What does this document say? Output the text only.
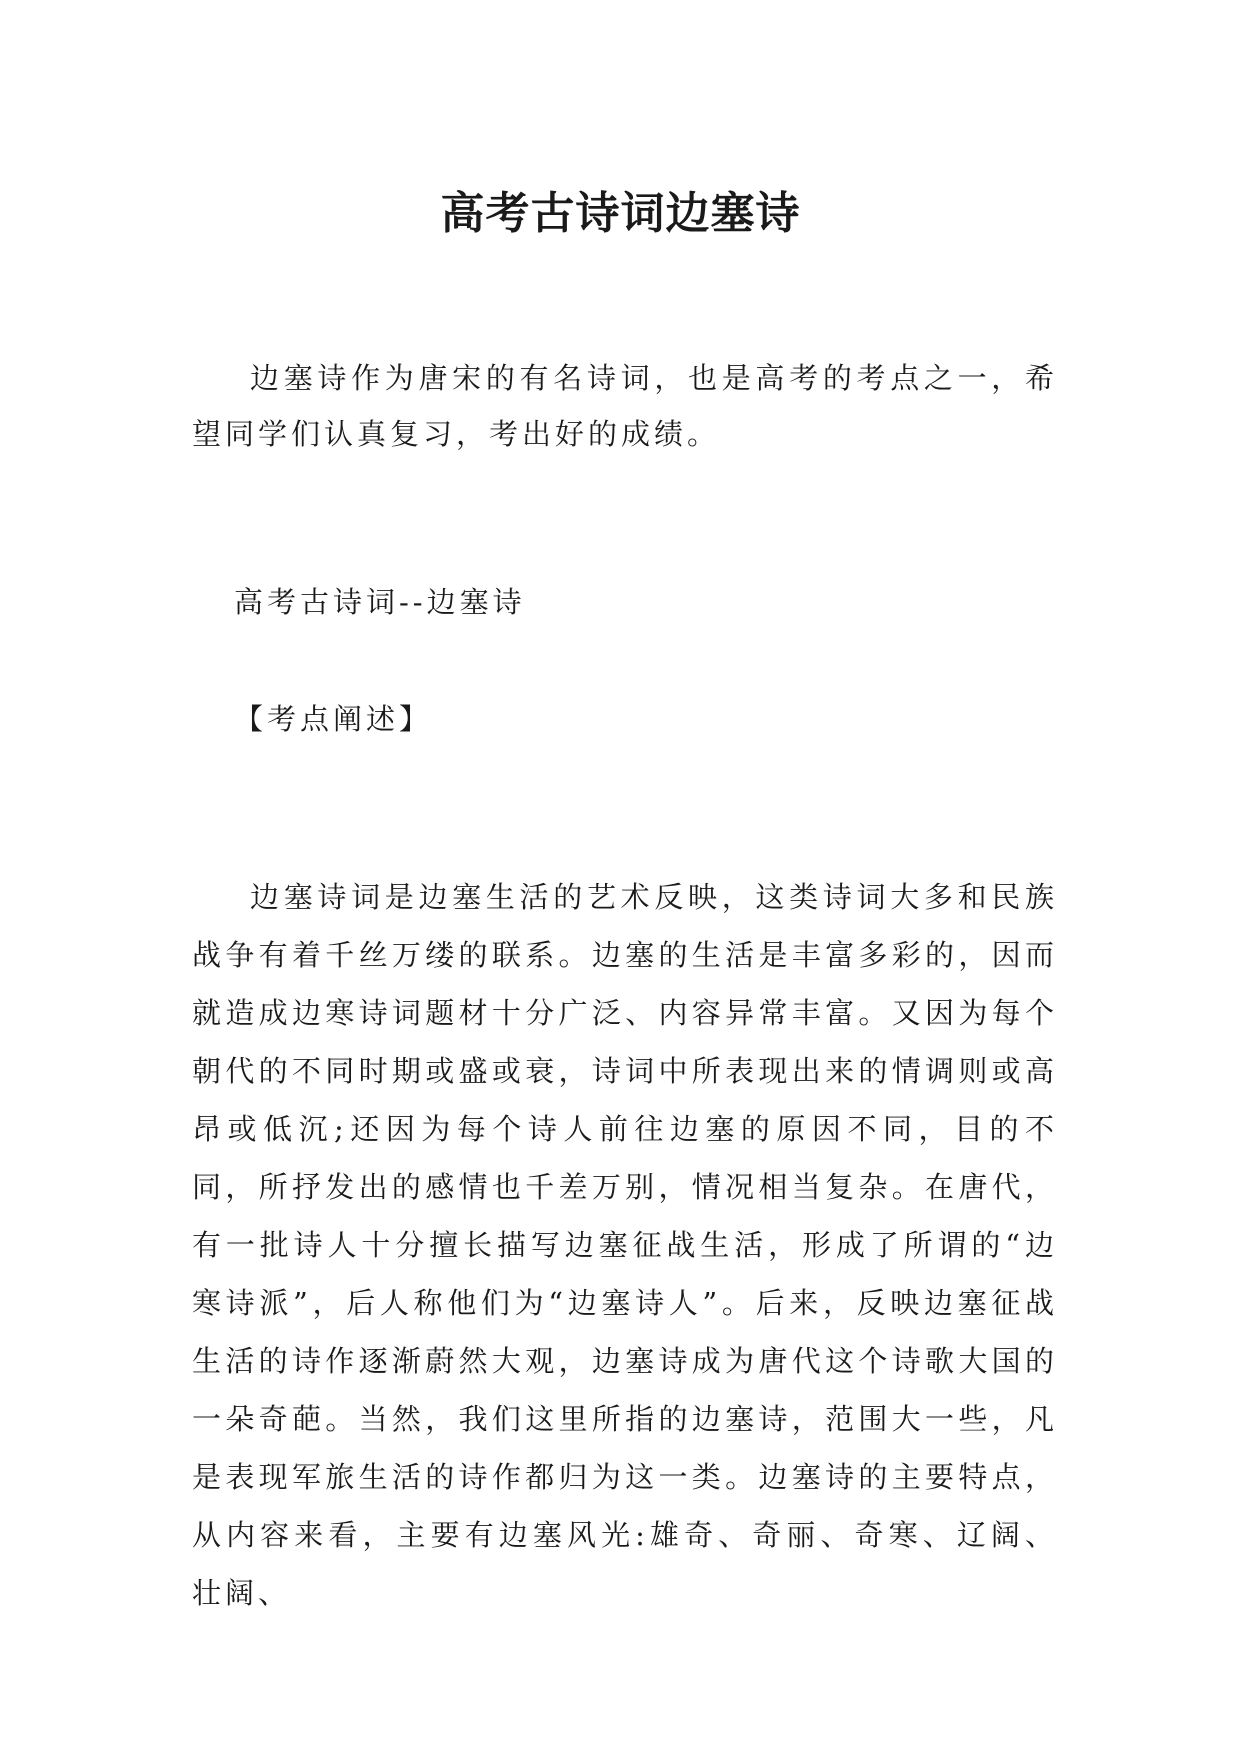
高考古诗词边塞诗

边塞诗作为唐宋的有名诗词，也是高考的考点之一，希望同学们认真复习，考出好的成绩。

高考古诗词--边塞诗

【考点阐述】

边塞诗词是边塞生活的艺术反映，这类诗词大多和民族战争有着千丝万缕的联系。边塞的生活是丰富多彩的，因而就造成边寒诗词题材十分广泛、内容异常丰富。又因为每个朝代的不同时期或盛或衰，诗词中所表现出来的情调则或高昂或低沉;还因为每个诗人前往边塞的原因不同，目的不同，所抒发出的感情也千差万别，情况相当复杂。在唐代，有一批诗人十分擅长描写边塞征战生活，形成了所谓的“边寒诗派”，后人称他们为“边塞诗人”。后来，反映边塞征战生活的诗作逐渐蔚然大观，边塞诗成为唐代这个诗歌大国的一朵奇葩。当然，我们这里所指的边塞诗，范围大一些，凡是表现军旅生活的诗作都归为这一类。边塞诗的主要特点，从内容来看，主要有边塞风光:雄奇、奇丽、奇寒、辽阔、壮阔、
